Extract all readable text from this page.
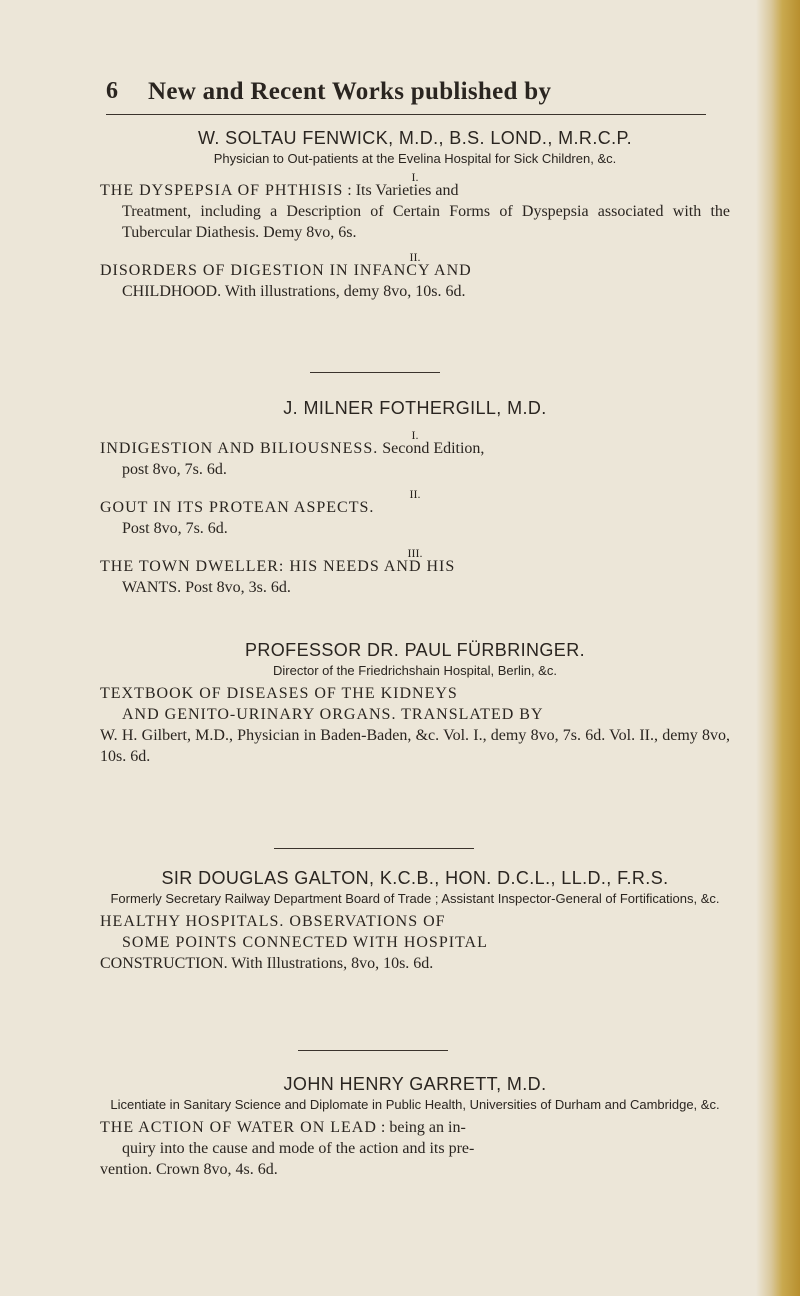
6 New and Recent Works published by

W. SOLTAU FENWICK, M.D., B.S. LOND., M.R.C.P.

Physician to Out-patients at the Evelina Hospital for Sick Children, &c.

I.

THE DYSPEPSIA OF PHTHISIS : Its Varieties and
Treatment, including a Description of Certain Forms of Dyspepsia associated with the Tubercular Diathesis. Demy 8vo, 6s.

II.

DISORDERS OF DIGESTION IN INFANCY AND
CHILDHOOD. With illustrations, demy 8vo, 10s. 6d.

J. MILNER FOTHERGILL, M.D.

I.

INDIGESTION AND BILIOUSNESS. Second Edition,
post 8vo, 7s. 6d.

II.

GOUT IN ITS PROTEAN ASPECTS.
Post 8vo, 7s. 6d.

III.

THE TOWN DWELLER: HIS NEEDS AND HIS
WANTS. Post 8vo, 3s. 6d.

PROFESSOR DR. PAUL FÜRBRINGER.

Director of the Friedrichshain Hospital, Berlin, &c.

TEXTBOOK OF DISEASES OF THE KIDNEYS
AND GENITO-URINARY ORGANS. TRANSLATED BY
W. H. Gilbert, M.D., Physician in Baden-Baden, &c. Vol. I., demy 8vo, 7s. 6d. Vol. II., demy 8vo, 10s. 6d.

SIR DOUGLAS GALTON, K.C.B., HON. D.C.L., LL.D., F.R.S.

Formerly Secretary Railway Department Board of Trade ; Assistant Inspector-General of Fortifications, &c.

HEALTHY HOSPITALS. OBSERVATIONS OF
SOME POINTS CONNECTED WITH HOSPITAL
CONSTRUCTION. With Illustrations, 8vo, 10s. 6d.

JOHN HENRY GARRETT, M.D.

Licentiate in Sanitary Science and Diplomate in Public Health, Universities of Durham and Cambridge, &c.

THE ACTION OF WATER ON LEAD : being an in-
quiry into the cause and mode of the action and its pre-
vention. Crown 8vo, 4s. 6d.
